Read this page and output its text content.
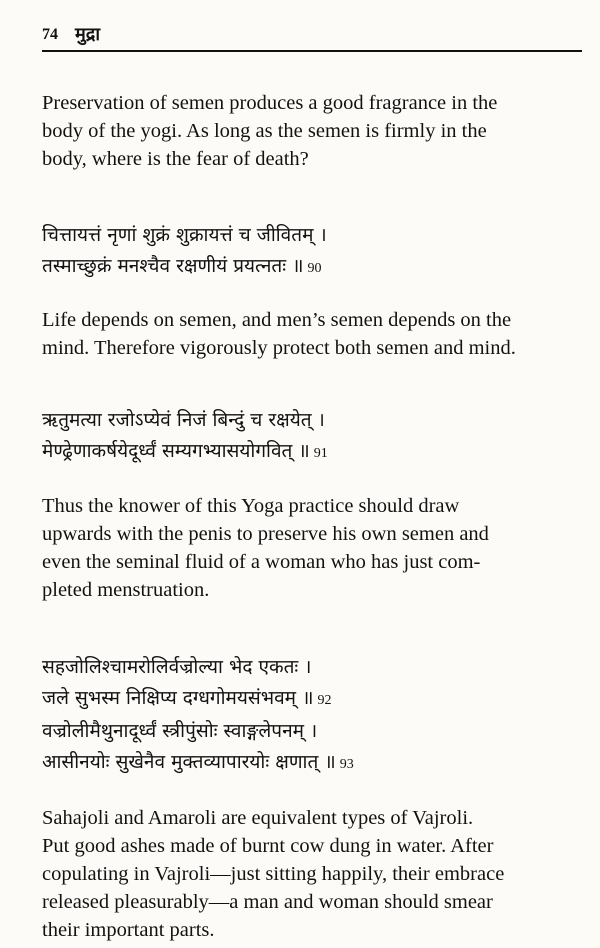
74 मुद्रा

Preservation of semen produces a good fragrance in the
body of the yogi. As long as the semen is firmly in the
body, where is the fear of death?

चित्तायत्तं नृणां शुक्रं शुक्रायत्तं च जीवितम् ।
तस्माच्छुक्रं मनश्चैव रक्षणीयं प्रयत्नतः ॥ 90

Life depends on semen, and men’s semen depends on the
mind. Therefore vigorously protect both semen and mind.

ऋतुमत्या रजोऽप्येवं निजं बिन्दुं च रक्षयेत् ।
मेण्ढ्रेणाकर्षयेदूर्ध्वं सम्यगभ्यासयोगवित् ॥ 91

Thus the knower of this Yoga practice should draw
upwards with the penis to preserve his own semen and
even the seminal fluid of a woman who has just com-
pleted menstruation.

सहजोलिश्चामरोलिर्वज्रोल्या भेद एकतः ।
जले सुभस्म निक्षिप्य दग्धगोमयसंभवम् ॥ 92
वज्रोलीमैथुनादूर्ध्वं स्त्रीपुंसोः स्वाङ्गलेपनम् ।
आसीनयोः सुखेनैव मुक्तव्यापारयोः क्षणात् ॥ 93

Sahajoli and Amaroli are equivalent types of Vajroli.
Put good ashes made of burnt cow dung in water. After
copulating in Vajroli—just sitting happily, their embrace
released pleasurably—a man and woman should smear
their important parts.
